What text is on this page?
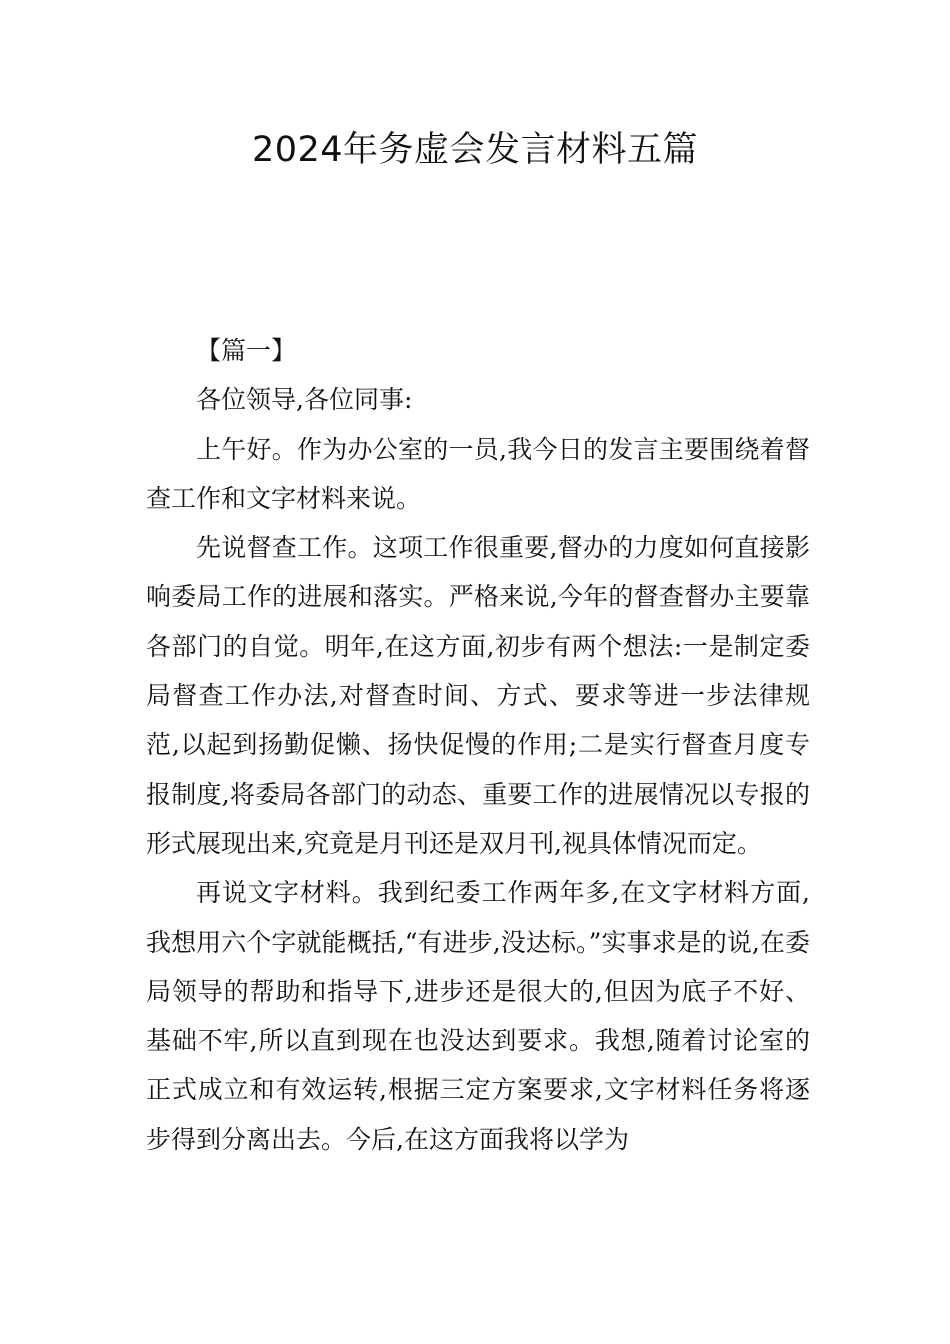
2024年务虚会发言材料五篇

【篇一】

各位领导,各位同事:

上午好。作为办公室的一员,我今日的发言主要围绕着督查工作和文字材料来说。

先说督查工作。这项工作很重要,督办的力度如何直接影响委局工作的进展和落实。严格来说,今年的督查督办主要靠各部门的自觉。明年,在这方面,初步有两个想法:一是制定委局督查工作办法,对督查时间、方式、要求等进一步法律规范,以起到扬勤促懒、扬快促慢的作用;二是实行督查月度专报制度,将委局各部门的动态、重要工作的进展情况以专报的形式展现出来,究竟是月刊还是双月刊,视具体情况而定。

再说文字材料。我到纪委工作两年多,在文字材料方面,我想用六个字就能概括,“有进步,没达标。”实事求是的说,在委局领导的帮助和指导下,进步还是很大的,但因为底子不好、基础不牢,所以直到现在也没达到要求。我想,随着讨论室的正式成立和有效运转,根据三定方案要求,文字材料任务将逐步得到分离出去。今后,在这方面我将以学为
